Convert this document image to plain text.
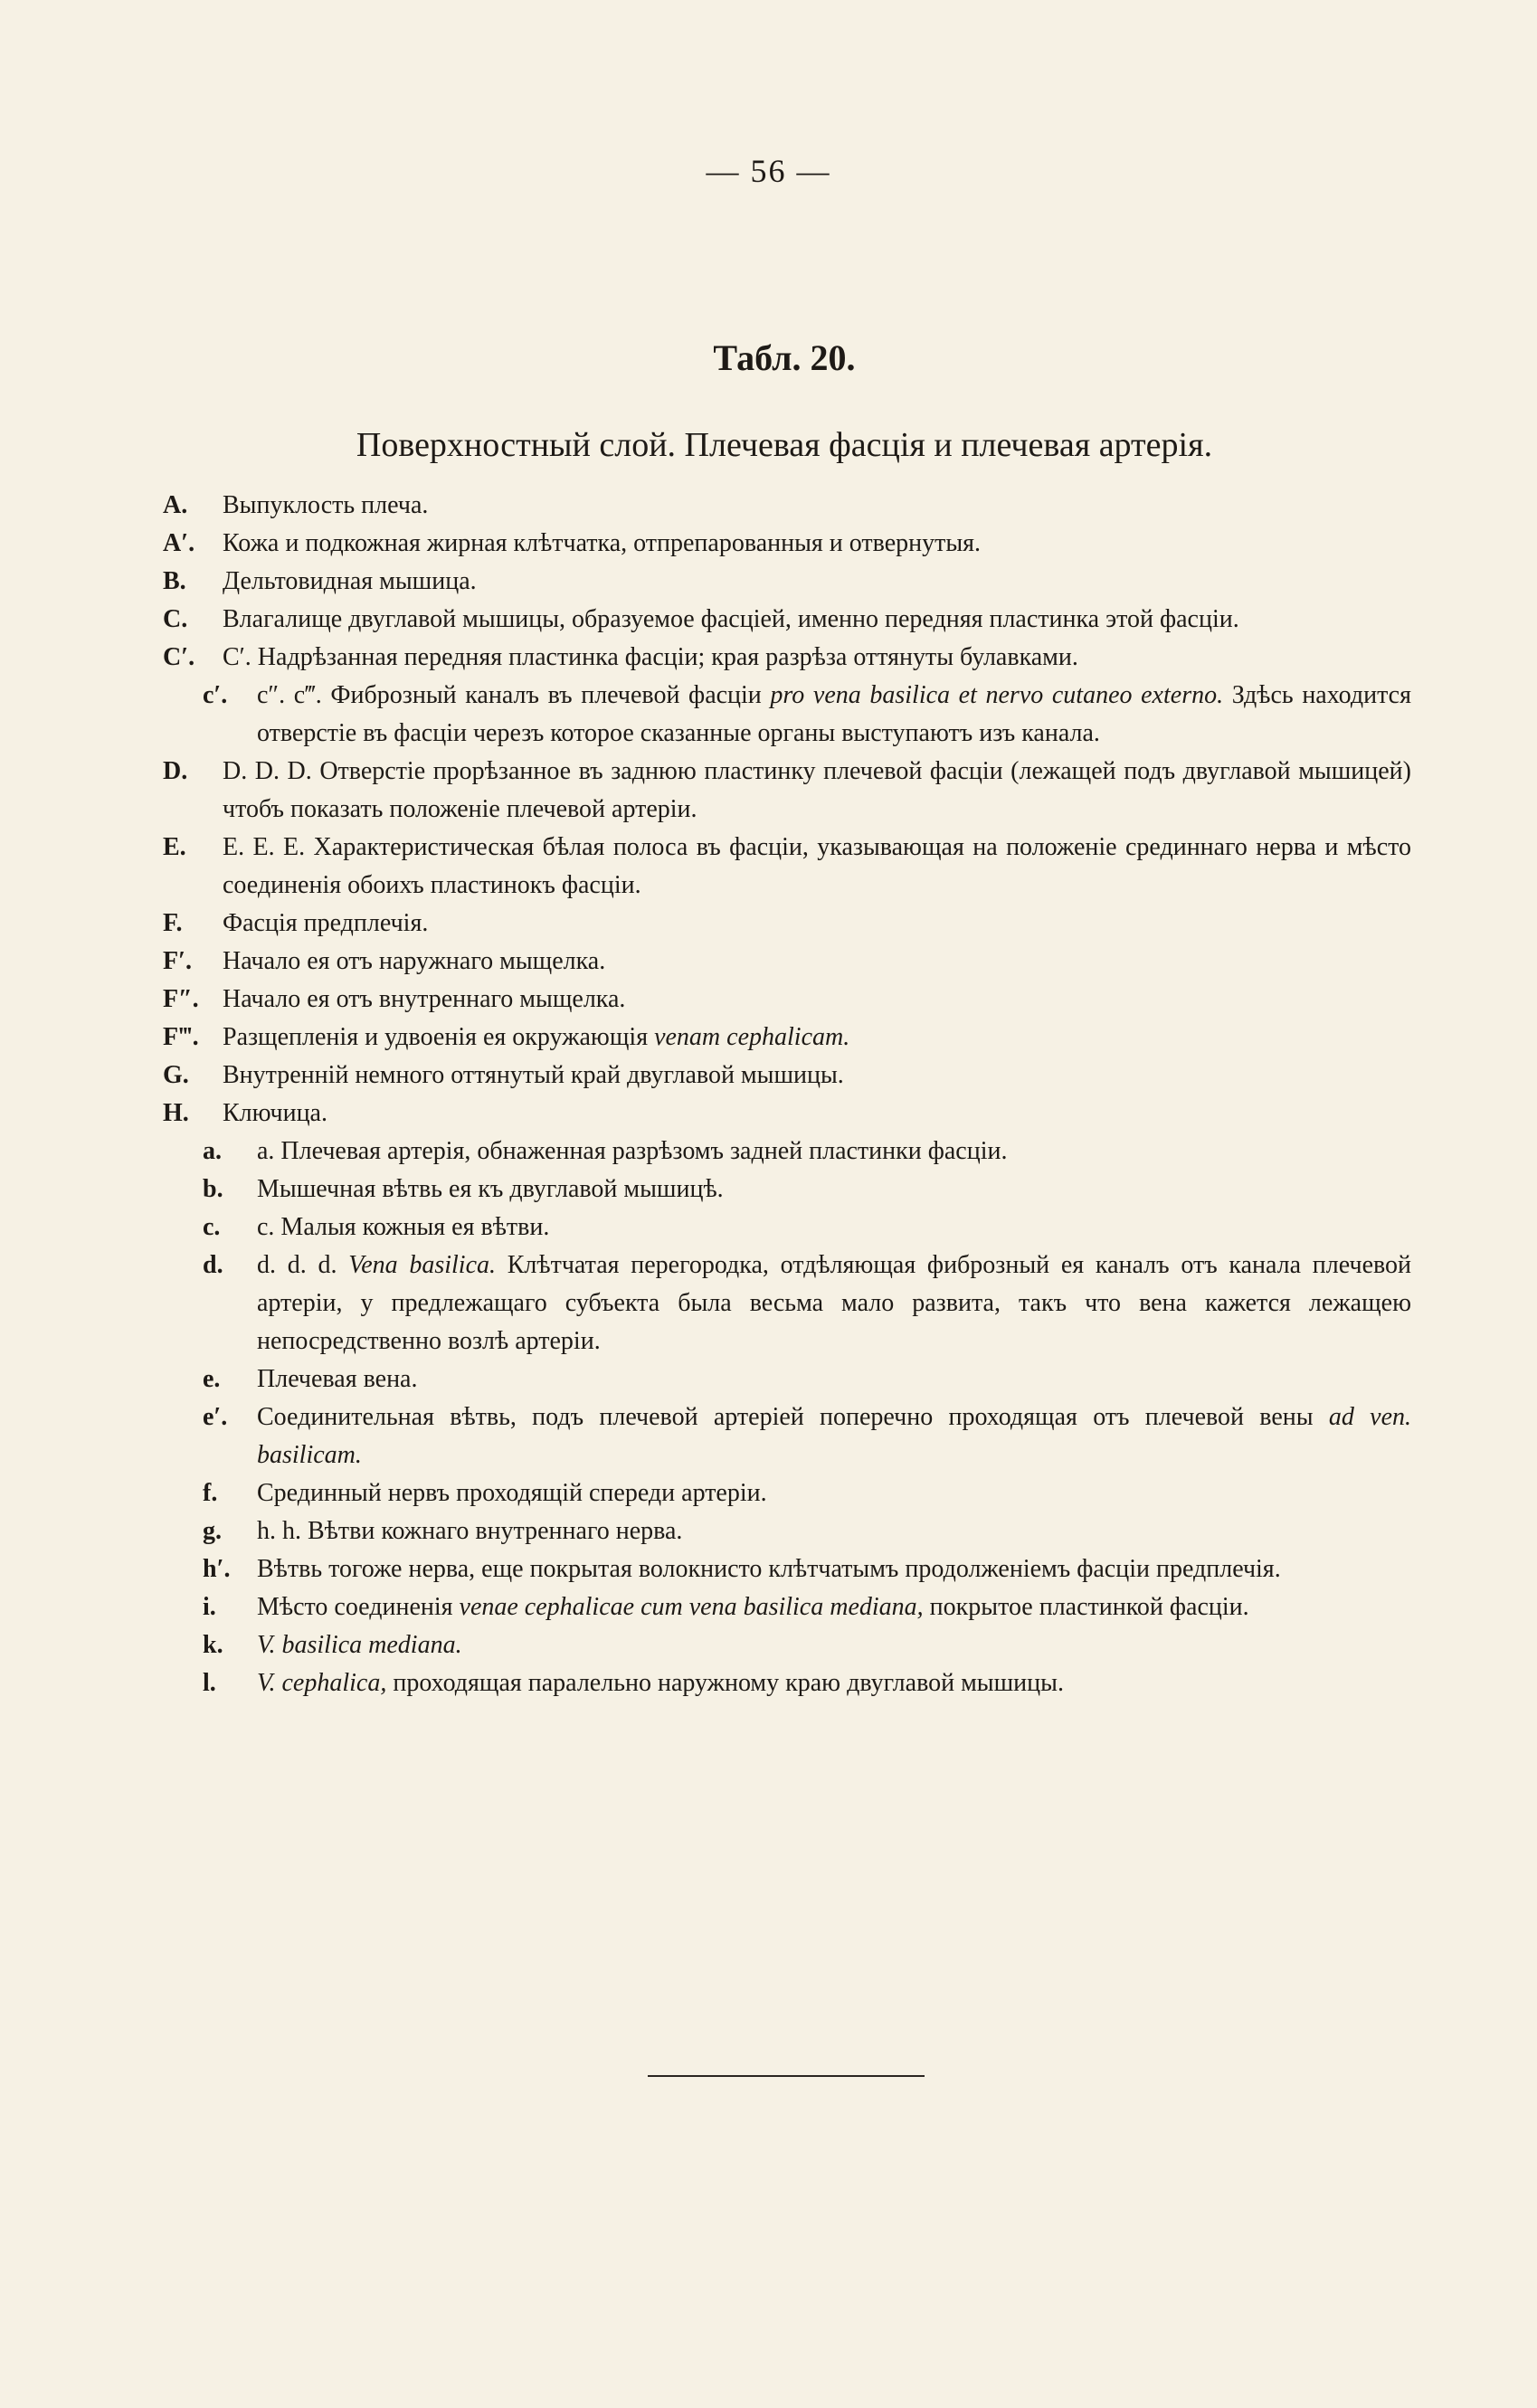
— 56 —
Табл. 20.
Поверхностный слой. Плечевая фасція и плечевая артерія.
A.	Выпуклость плеча.
A′.	Кожа и подкожная жирная клѣтчатка, отпрепарованныя и отвернутыя.
B.	Дельтовидная мышица.
C.	Влагалище двуглавой мышицы, образуемое фасціей, именно передняя пластинка этой фасціи.
C′.	C′. Надрѣзанная передняя пластинка фасціи; края разрѣза оттянуты булавками.
c′.	c″. c‴. Фиброзный каналъ въ плечевой фасціи pro vena basilica et nervo cutaneo externo. Здѣсь находится отверстіе въ фасціи черезъ которое сказанные органы выступаютъ изъ канала.
D.	D. D. D. Отверстіе прорѣзанное въ заднюю пластинку плечевой фасціи (лежащей подъ двуглавой мышицей) чтобъ показать положеніе плечевой артеріи.
E.	E. E. E. Характеристическая бѣлая полоса въ фасціи, указывающая на положеніе срединнаго нерва и мѣсто соединенія обоихъ пластинокъ фасціи.
F.	Фасція предплечія.
F′.	Начало ея отъ наружнаго мыщелка.
F″. Начало ея отъ внутреннаго мыщелка.
F‴. Разщепленія и удвоенія ея окружающія venam cephalicam.
G.	Внутренній немного оттянутый край двуглавой мышицы.
H.	Ключица.
a.	a. Плечевая артерія, обнаженная разрѣзомъ задней пластинки фасціи.
b.	Мышечная вѣтвь ея къ двуглавой мышицѣ.
c.	c. Малыя кожныя ея вѣтви.
d.	d. d. d. Vena basilica. Клѣтчатая перегородка, отдѣляющая фиброзный ея каналъ отъ канала плечевой артеріи, у предлежащаго субъекта была весьма мало развита, такъ что вена кажется лежащею непосредственно возлѣ артеріи.
e.	Плечевая вена.
e′.	Соединительная вѣтвь, подъ плечевой артеріей поперечно проходящая отъ плечевой вены ad ven. basilicam.
f.	Срединный нервъ проходящій спереди артеріи.
g.	h. h. Вѣтви кожнаго внутреннаго нерва.
h′.	Вѣтвь тогоже нерва, еще покрытая волокнисто клѣтчатымъ продолженіемъ фасціи предплечія.
i.	Мѣсто соединенія venae cephalicae cum vena basilica mediana, покрытое пластинкой фасціи.
k.	V. basilica mediana.
l.	V. cephalica, проходящая паралельно наружному краю двуглавой мышицы.
